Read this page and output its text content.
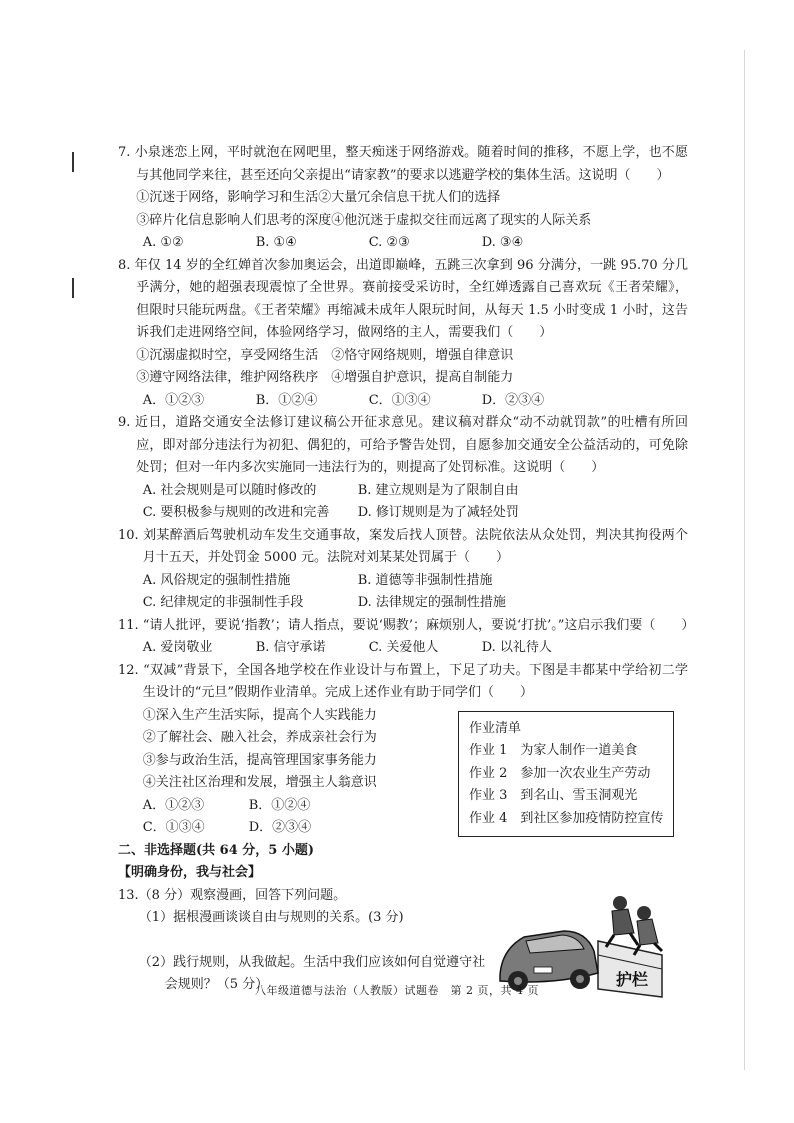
7. 小泉迷恋上网，平时就泡在网吧里，整天痴迷于网络游戏。随着时间的推移，不愿上学，也不愿与其他同学来往，甚至还向父亲提出“请家教”的要求以逃避学校的集体生活。这说明（　　）

①沉迷于网络，影响学习和生活②大量冗余信息干扰人们的选择

③碎片化信息影响人们思考的深度④他沉迷于虚拟交往而远离了现实的人际关系

A. ①②	B. ①④	C. ②③	D. ③④

8. 年仅 14 岁的全红婵首次参加奥运会，出道即巅峰，五跳三次拿到 96 分满分，一跳 95.70 分几乎满分，她的超强表现震惊了全世界。赛前接受采访时，全红婵透露自己喜欢玩《王者荣耀》，但限时只能玩两盘。《王者荣耀》再缩减未成年人限玩时间，从每天 1.5 小时变成 1 小时，这告诉我们走进网络空间，体验网络学习，做网络的主人，需要我们（　　）

①沉溺虚拟时空，享受网络生活　②恪守网络规则，增强自律意识

③遵守网络法律，维护网络秩序　④增强自护意识，提高自制能力

A．①②③	B．①②④	C．①③④	D．②③④

9. 近日，道路交通安全法修订建议稿公开征求意见。建议稿对群众“动不动就罚款”的吐槽有所回应，即对部分违法行为初犯、偶犯的，可给予警告处罚，自愿参加交通安全公益活动的，可免除处罚；但对一年内多次实施同一违法行为的，则提高了处罚标准。这说明（　　）

A. 社会规则是可以随时修改的	B. 建立规则是为了限制自由
C. 要积极参与规则的改进和完善	D. 修订规则是为了减轻处罚

10. 刘某醉酒后驾驶机动车发生交通事故，案发后找人顶替。法院依法从众处罚，判决其拘役两个月十五天，并处罚金 5000 元。法院对刘某某处罚属于（　　）

A. 风俗规定的强制性措施	B. 道德等非强制性措施
C. 纪律规定的非强制性手段	D. 法律规定的强制性措施

11. “请人批评，要说‘指教’；请人指点，要说‘赐教’；麻烦别人，要说‘打扰’。”这启示我们要（　　）

A. 爱岗敬业	B. 信守承诺	C. 关爱他人	D. 以礼待人

12. “双减”背景下，全国各地学校在作业设计与布置上，下足了功夫。下图是丰都某中学给初二学生设计的“元旦”假期作业清单。完成上述作业有助于同学们（　　）

①深入生产生活实际，提高个人实践能力

②了解社会、融入社会，养成亲社会行为

③参与政治生活，提高管理国家事务能力

④关注社区治理和发展，增强主人翁意识

A．①②③	B．①②④
C．①③④	D．②③④
作业清单
作业 1　为家人制作一道美食
作业 2　参加一次农业生产劳动
作业 3　到名山、雪玉洞观光
作业 4　到社区参加疫情防控宣传

二、非选择题(共 64 分，5 小题)

【明确身份，我与社会】

13.（8 分）观察漫画，回答下列问题。

（1）据根漫画谈谈自由与规则的关系。(3 分)

（2）践行规则，从我做起。生活中我们应该如何自觉遵守社

会规则？（5 分）	护栏
八年级道德与法治（人教版）试题卷　第 2 页，共 4 页
